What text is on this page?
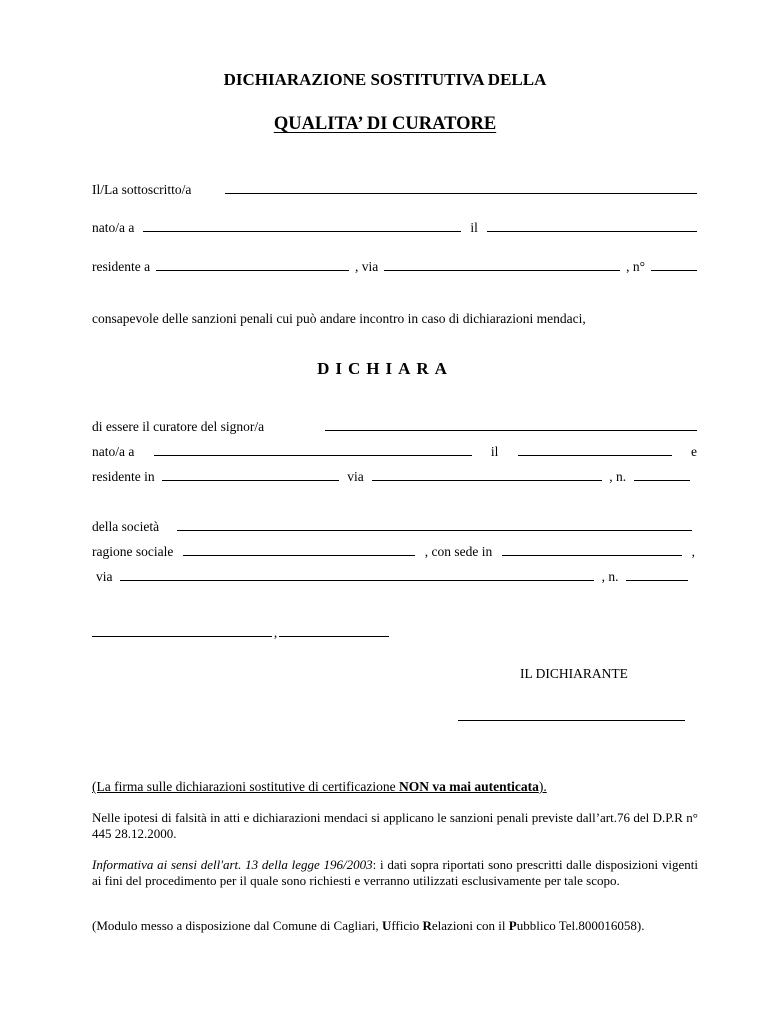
DICHIARAZIONE SOSTITUTIVA DELLA
QUALITA’ DI CURATORE
Il/La sottoscritto/a
nato/a a	il
residente a	, via	, n°
consapevole delle sanzioni penali cui può andare incontro in caso di dichiarazioni mendaci,
DICHIARA
di essere il curatore del signor/a
nato/a a	il	e
residente in	via	, n.
della società
ragione sociale	, con sede in	,
via	, n.
,
IL DICHIARANTE
(La firma sulle dichiarazioni sostitutive di certificazione NON va mai autenticata).
Nelle ipotesi di falsità in atti e dichiarazioni mendaci si applicano le sanzioni penali previste dall’art.76 del D.P.R n° 445 28.12.2000.
Informativa ai sensi dell'art. 13 della legge 196/2003: i dati sopra riportati sono prescritti dalle disposizioni vigenti ai fini del procedimento per il quale sono richiesti e verranno utilizzati esclusivamente per tale scopo.
(Modulo messo a disposizione dal Comune di Cagliari, Ufficio Relazioni con il Pubblico Tel.800016058).
